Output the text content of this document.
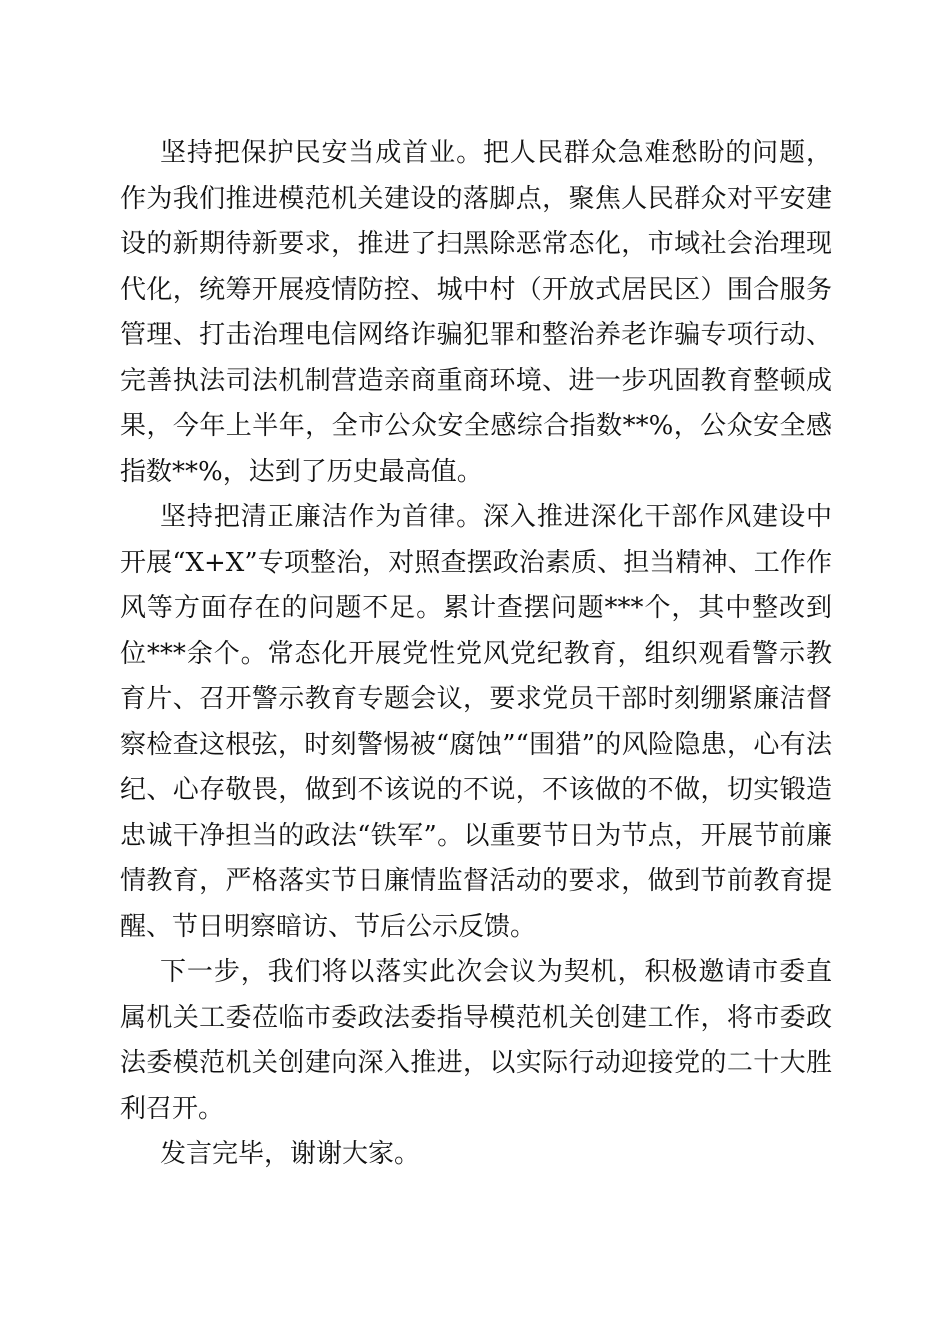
坚持把保护民安当成首业。把人民群众急难愁盼的问题，作为我们推进模范机关建设的落脚点，聚焦人民群众对平安建设的新期待新要求，推进了扫黑除恶常态化，市域社会治理现代化，统筹开展疫情防控、城中村（开放式居民区）围合服务管理、打击治理电信网络诈骗犯罪和整治养老诈骗专项行动、完善执法司法机制营造亲商重商环境、进一步巩固教育整顿成果，今年上半年，全市公众安全感综合指数**%，公众安全感指数**%，达到了历史最高值。

坚持把清正廉洁作为首律。深入推进深化干部作风建设中开展“X+X”专项整治，对照查摆政治素质、担当精神、工作作风等方面存在的问题不足。累计查摆问题***个，其中整改到位***余个。常态化开展党性党风党纪教育，组织观看警示教育片、召开警示教育专题会议，要求党员干部时刻绷紧廉洁督察检查这根弦，时刻警惕被“腐蚀”“围猎”的风险隐患，心有法纪、心存敬畏，做到不该说的不说，不该做的不做，切实锻造忠诚干净担当的政法“铁军”。以重要节日为节点，开展节前廉情教育，严格落实节日廉情监督活动的要求，做到节前教育提醒、节日明察暗访、节后公示反馈。

下一步，我们将以落实此次会议为契机，积极邀请市委直属机关工委莅临市委政法委指导模范机关创建工作，将市委政法委模范机关创建向深入推进，以实际行动迎接党的二十大胜利召开。

发言完毕，谢谢大家。
